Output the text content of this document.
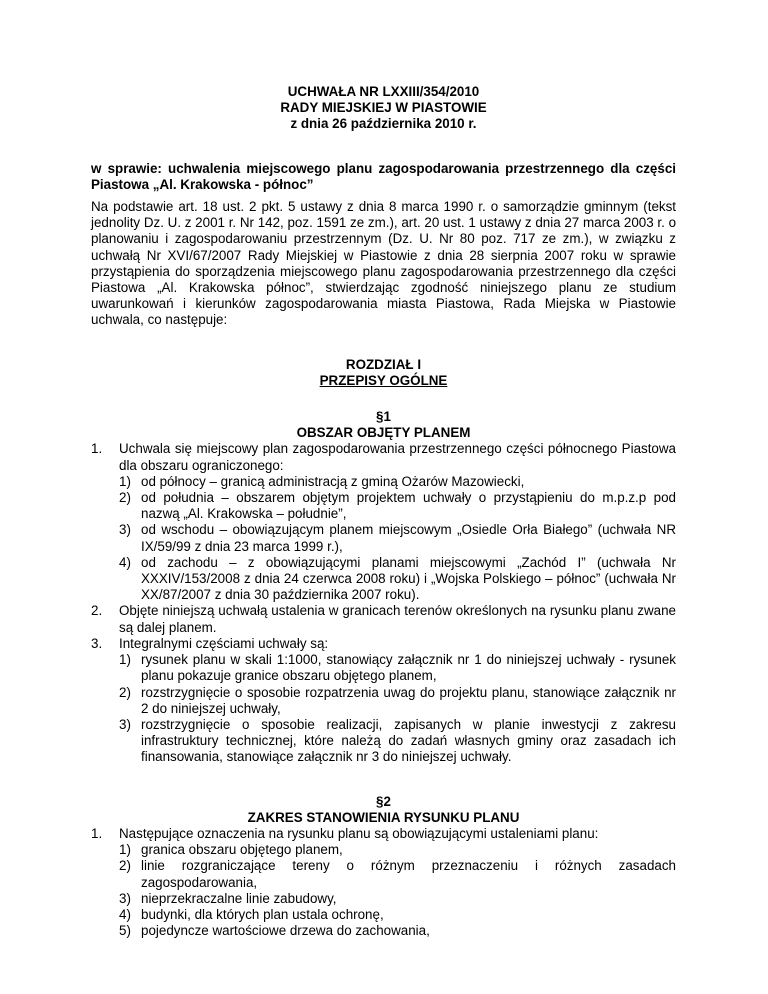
UCHWAŁA NR LXXIII/354/2010
RADY MIEJSKIEJ W PIASTOWIE
z dnia 26 października 2010 r.

w sprawie: uchwalenia miejscowego planu zagospodarowania przestrzennego dla części Piastowa „Al. Krakowska - północ”

Na podstawie art. 18 ust. 2 pkt. 5 ustawy z dnia 8 marca 1990 r. o samorządzie gminnym (tekst jednolity Dz. U. z 2001 r. Nr 142, poz. 1591 ze zm.), art. 20 ust. 1 ustawy z dnia 27 marca 2003 r. o planowaniu i zagospodarowaniu przestrzennym (Dz. U. Nr 80 poz. 717 ze zm.), w związku z uchwałą Nr XVI/67/2007 Rady Miejskiej w Piastowie z dnia 28 sierpnia 2007 roku w sprawie przystąpienia do sporządzenia miejscowego planu zagospodarowania przestrzennego dla części Piastowa „Al. Krakowska północ”, stwierdzając zgodność niniejszego planu ze studium uwarunkowań i kierunków zagospodarowania miasta Piastowa, Rada Miejska w Piastowie uchwala, co następuje:

ROZDZIAŁ I
PRZEPISY OGÓLNE
§1
OBSZAR OBJĘTY PLANEM
1. Uchwala się miejscowy plan zagospodarowania przestrzennego części północnego Piastowa dla obszaru ograniczonego:
1) od północy – granicą administracją z gminą Ożarów Mazowiecki,
2) od południa – obszarem objętym projektem uchwały o przystąpieniu do m.p.z.p pod nazwą „Al. Krakowska – południe”,
3) od wschodu – obowiązującym planem miejscowym „Osiedle Orła Białego” (uchwała NR IX/59/99 z dnia 23 marca 1999 r.),
4) od zachodu – z obowiązującymi planami miejscowymi „Zachód I” (uchwała Nr XXXIV/153/2008 z dnia 24 czerwca 2008 roku) i „Wojska Polskiego – północ” (uchwała Nr XX/87/2007 z dnia 30 października 2007 roku).
2. Objęte niniejszą uchwałą ustalenia w granicach terenów określonych na rysunku planu zwane są dalej planem.
3. Integralnymi częściami uchwały są:
1) rysunek planu w skali 1:1000, stanowiący załącznik nr 1 do niniejszej uchwały - rysunek planu pokazuje granice obszaru objętego planem,
2) rozstrzygnięcie o sposobie rozpatrzenia uwag do projektu planu, stanowiące załącznik nr 2 do niniejszej uchwały,
3) rozstrzygnięcie o sposobie realizacji, zapisanych w planie inwestycji z zakresu infrastruktury technicznej, które należą do zadań własnych gminy oraz zasadach ich finansowania, stanowiące załącznik nr 3 do niniejszej uchwały.
§2
ZAKRES STANOWIENIA RYSUNKU PLANU
1. Następujące oznaczenia na rysunku planu są obowiązującymi ustaleniami planu:
1) granica obszaru objętego planem,
2) linie rozgraniczające tereny o różnym przeznaczeniu i różnych zasadach zagospodarowania,
3) nieprzekraczalne linie zabudowy,
4) budynki, dla których plan ustala ochronę,
5) pojedyncze wartościowe drzewa do zachowania,
